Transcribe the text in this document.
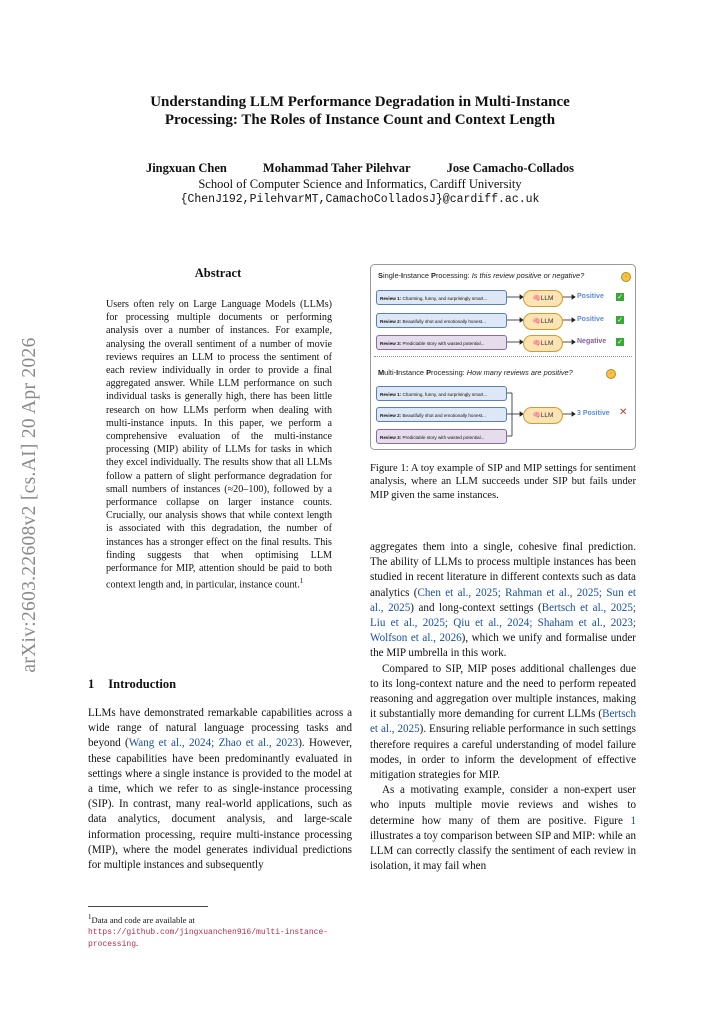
arXiv:2603.22608v2 [cs.AI] 20 Apr 2026
Understanding LLM Performance Degradation in Multi-Instance
Processing: The Roles of Instance Count and Context Length
Jingxuan Chen	Mohammad Taher Pilehvar	Jose Camacho-Collados
School of Computer Science and Informatics, Cardiff University
{ChenJ192,PilehvarMT,CamachoColladosJ}@cardiff.ac.uk
Abstract
Users often rely on Large Language Models (LLMs) for processing multiple documents or performing analysis over a number of instances. For example, analysing the overall sentiment of a number of movie reviews requires an LLM to process the sentiment of each review individually in order to provide a final aggregated answer. While LLM performance on such individual tasks is generally high, there has been little research on how LLMs perform when dealing with multi-instance inputs. In this paper, we perform a comprehensive evaluation of the multi-instance processing (MIP) ability of LLMs for tasks in which they excel individually. The results show that all LLMs follow a pattern of slight performance degradation for small numbers of instances (≈20–100), followed by a performance collapse on larger instance counts. Crucially, our analysis shows that while context length is associated with this degradation, the number of instances has a stronger effect on the final results. This finding suggests that when optimising LLM performance for MIP, attention should be paid to both context length and, in particular, instance count.$^1$
1 Introduction
LLMs have demonstrated remarkable capabilities across a wide range of natural language processing tasks and beyond (Wang et al., 2024; Zhao et al., 2023). However, these capabilities have been predominantly evaluated in settings where a single instance is provided to the model at a time, which we refer to as single-instance processing (SIP). In contrast, many real-world applications, such as data analytics, document analysis, and large-scale information processing, require multi-instance processing (MIP), where the model generates individual predictions for multiple instances and subsequently
$^1$Data and code are available at https://github.com/jingxuanchen916/multi-instance-processing.
Single-Instance Processing: Is this review positive or negative?	·
Review 1: Charming, funny, and surprisingly smart...
Review 2: Beautifully shot and emotionally honest...
Review 3: Predictable story with wasted potential...
🧠LLM
🧠LLM
🧠LLM
Positive
Positive
Negative
✓
✓
✓
Multi-Instance Processing: How many reviews are positive?	·
Review 1: Charming, funny, and surprisingly smart...
Review 2: Beautifully shot and emotionally honest...
Review 3: Predictable story with wasted potential...
🧠LLM	3 Positive ✕
Figure 1: A toy example of SIP and MIP settings for sentiment analysis, where an LLM succeeds under SIP but fails under MIP given the same instances.

aggregates them into a single, cohesive final prediction. The ability of LLMs to process multiple instances has been studied in recent literature in different contexts such as data analytics (Chen et al., 2025; Rahman et al., 2025; Sun et al., 2025) and long-context settings (Bertsch et al., 2025; Liu et al., 2025; Qiu et al., 2024; Shaham et al., 2023; Wolfson et al., 2026), which we unify and formalise under the MIP umbrella in this work.

Compared to SIP, MIP poses additional challenges due to its long-context nature and the need to perform repeated reasoning and aggregation over multiple instances, making it substantially more demanding for current LLMs (Bertsch et al., 2025). Ensuring reliable performance in such settings therefore requires a careful understanding of model failure modes, in order to inform the development of effective mitigation strategies for MIP.

As a motivating example, consider a non-expert user who inputs multiple movie reviews and wishes to determine how many of them are positive. Figure 1 illustrates a toy comparison between SIP and MIP: while an LLM can correctly classify the sentiment of each review in isolation, it may fail when
